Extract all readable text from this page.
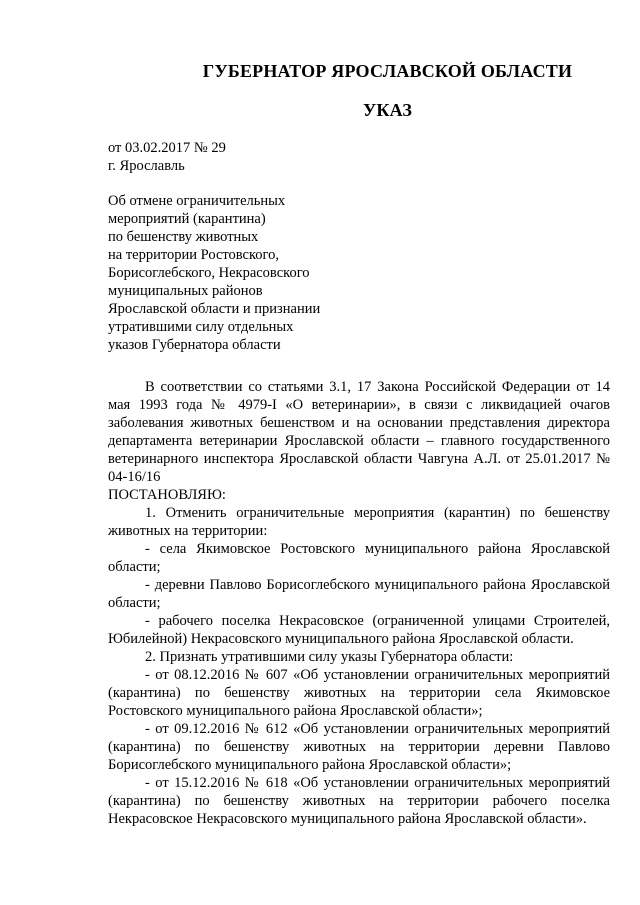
ГУБЕРНАТОР ЯРОСЛАВСКОЙ ОБЛАСТИ
УКАЗ
от 03.02.2017 № 29
г. Ярославль
Об отмене ограничительных
мероприятий (карантина)
по бешенству животных
на территории Ростовского,
Борисоглебского, Некрасовского
муниципальных районов
Ярославской области и признании
утратившими силу отдельных
указов Губернатора области

В соответствии со статьями 3.1, 17 Закона Российской Федерации от 14 мая 1993 года № 4979-I «О ветеринарии», в связи с ликвидацией очагов заболевания животных бешенством и на основании представления директора департамента ветеринарии Ярославской области – главного государственного ветеринарного инспектора Ярославской области Чавгуна А.Л. от 25.01.2017 № 04-16/16

ПОСТАНОВЛЯЮ:

1. Отменить ограничительные мероприятия (карантин) по бешенству животных на территории:

- села Якимовское Ростовского муниципального района Ярославской области;

- деревни Павлово Борисоглебского муниципального района Ярославской области;

- рабочего поселка Некрасовское (ограниченной улицами Строителей, Юбилейной) Некрасовского муниципального района Ярославской области.

2. Признать утратившими силу указы Губернатора области:

- от 08.12.2016 № 607 «Об установлении ограничительных мероприятий (карантина) по бешенству животных на территории села Якимовское Ростовского муниципального района Ярославской области»;

- от 09.12.2016 № 612 «Об установлении ограничительных мероприятий (карантина) по бешенству животных на территории деревни Павлово Борисоглебского муниципального района Ярославской области»;

- от 15.12.2016 № 618 «Об установлении ограничительных мероприятий (карантина) по бешенству животных на территории рабочего поселка Некрасовское Некрасовского муниципального района Ярославской области».
